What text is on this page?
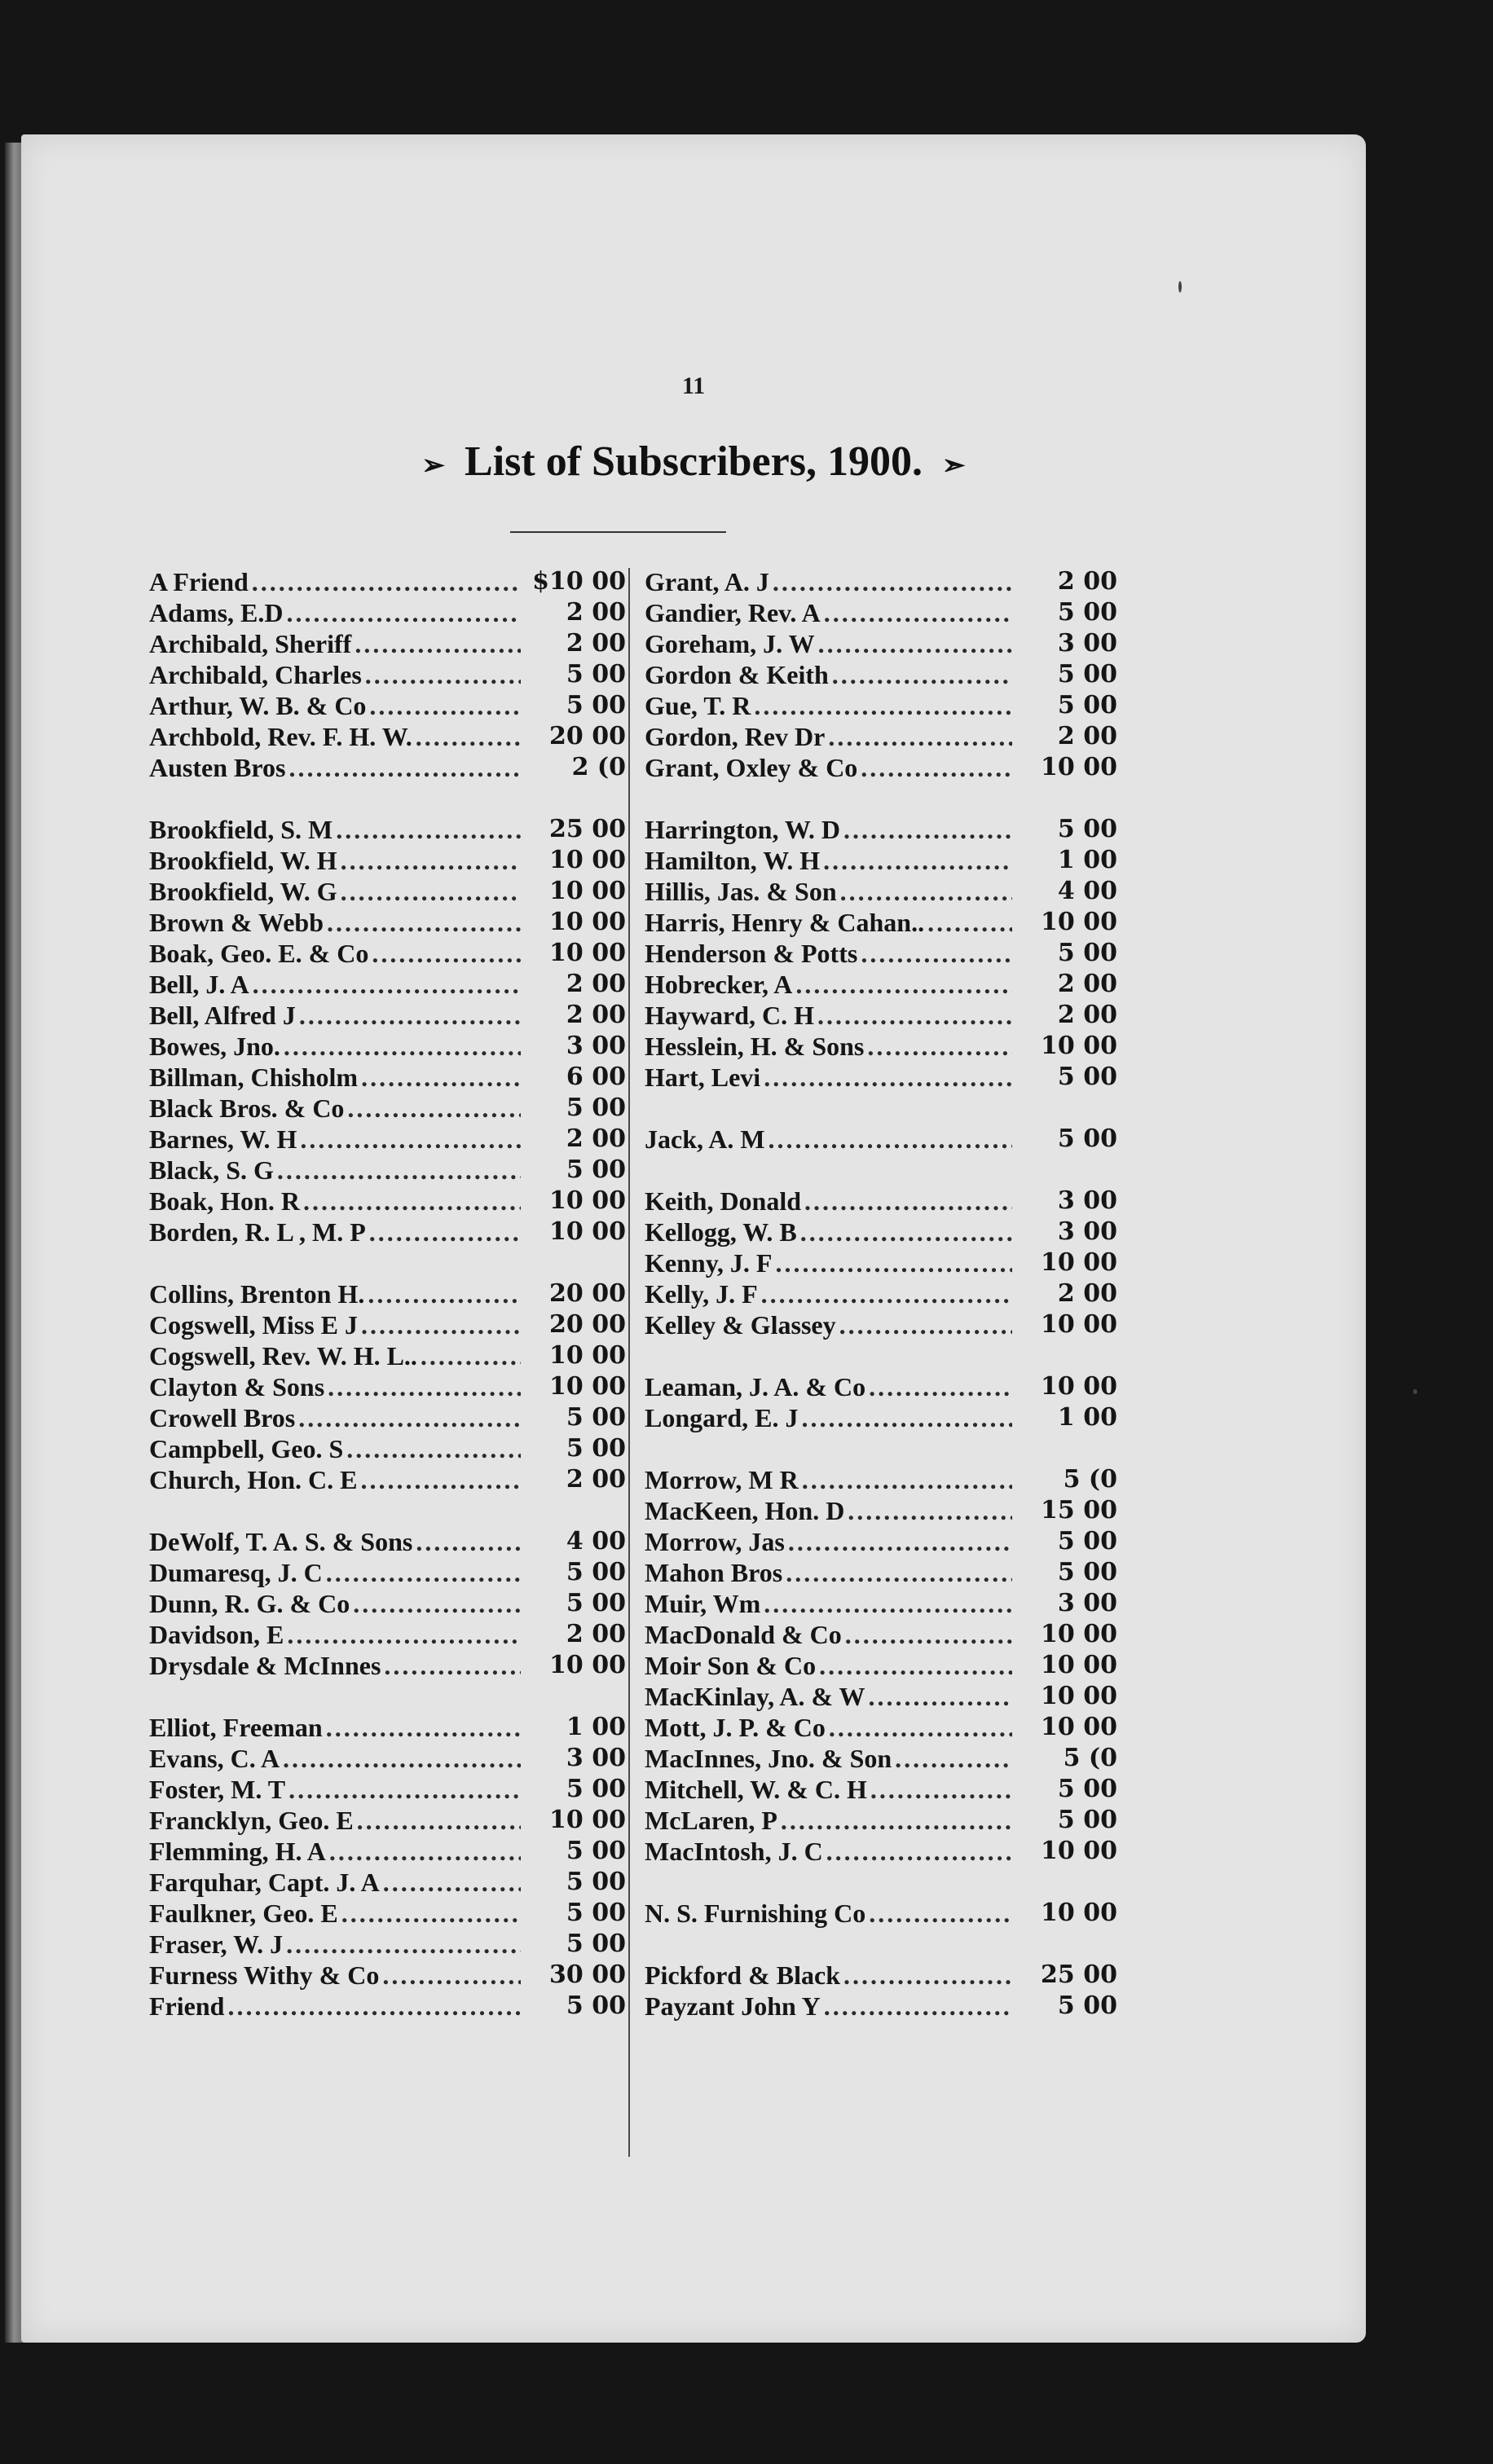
11
➢ List of Subscribers, 1900. ➣
A Friend .....	$10 00
Adams, E.D .....	2 00
Archibald, Sheriff .....	2 00
Archibald, Charles .....	5 00
Arthur, W. B. & Co .....	5 00
Archbold, Rev. F. H. W. .....	20 00
Austen Bros .....	2 (0
Brookfield, S. M .....	25 00
Brookfield, W. H .....	10 00
Brookfield, W. G .....	10 00
Brown & Webb .....	10 00
Boak, Geo. E. & Co .....	10 00
Bell, J. A .....	2 00
Bell, Alfred J .....	2 00
Bowes, Jno. .....	3 00
Billman, Chisholm .....	6 00
Black Bros. & Co .....	5 00
Barnes, W. H .....	2 00
Black, S. G .....	5 00
Boak, Hon. R .....	10 00
Borden, R. L , M. P .....	10 00
Collins, Brenton H. .....	20 00
Cogswell, Miss E J .....	20 00
Cogswell, Rev. W. H. L.. .....	10 00
Clayton & Sons .....	10 00
Crowell Bros .....	5 00
Campbell, Geo. S .....	5 00
Church, Hon. C. E .....	2 00
DeWolf, T. A. S. & Sons .....	4 00
Dumaresq, J. C .....	5 00
Dunn, R. G. & Co .....	5 00
Davidson, E .....	2 00
Drysdale & McInnes .....	10 00
Elliot, Freeman .....	1 00
Evans, C. A .....	3 00
Foster, M. T .....	5 00
Francklyn, Geo. E .....	10 00
Flemming, H. A .....	5 00
Farquhar, Capt. J. A .....	5 00
Faulkner, Geo. E .....	5 00
Fraser, W. J .....	5 00
Furness Withy & Co .....	30 00
Friend .....	5 00
Grant, A. J .....	2 00
Gandier, Rev. A .....	5 00
Goreham, J. W .....	3 00
Gordon & Keith .....	5 00
Gue, T. R .....	5 00
Gordon, Rev Dr .....	2 00
Grant, Oxley & Co .....	10 00
Harrington, W. D .....	5 00
Hamilton, W. H .....	1 00
Hillis, Jas. & Son .....	4 00
Harris, Henry & Cahan.. .....	10 00
Henderson & Potts .....	5 00
Hobrecker, A .....	2 00
Hayward, C. H .....	2 00
Hesslein, H. & Sons .....	10 00
Hart, Levi .....	5 00
Jack, A. M .....	5 00
Keith, Donald .....	3 00
Kellogg, W. B .....	3 00
Kenny, J. F .....	10 00
Kelly, J. F .....	2 00
Kelley & Glassey .....	10 00
Leaman, J. A. & Co .....	10 00
Longard, E. J .....	1 00
Morrow, M R .....	5 (0
MacKeen, Hon. D .....	15 00
Morrow, Jas .....	5 00
Mahon Bros .....	5 00
Muir, Wm .....	3 00
MacDonald & Co .....	10 00
Moir Son & Co .....	10 00
MacKinlay, A. & W .....	10 00
Mott, J. P. & Co .....	10 00
MacInnes, Jno. & Son .....	5 (0
Mitchell, W. & C. H .....	5 00
McLaren, P .....	5 00
MacIntosh, J. C .....	10 00
N. S. Furnishing Co .....	10 00
Pickford & Black .....	25 00
Payzant John Y .....	5 00
